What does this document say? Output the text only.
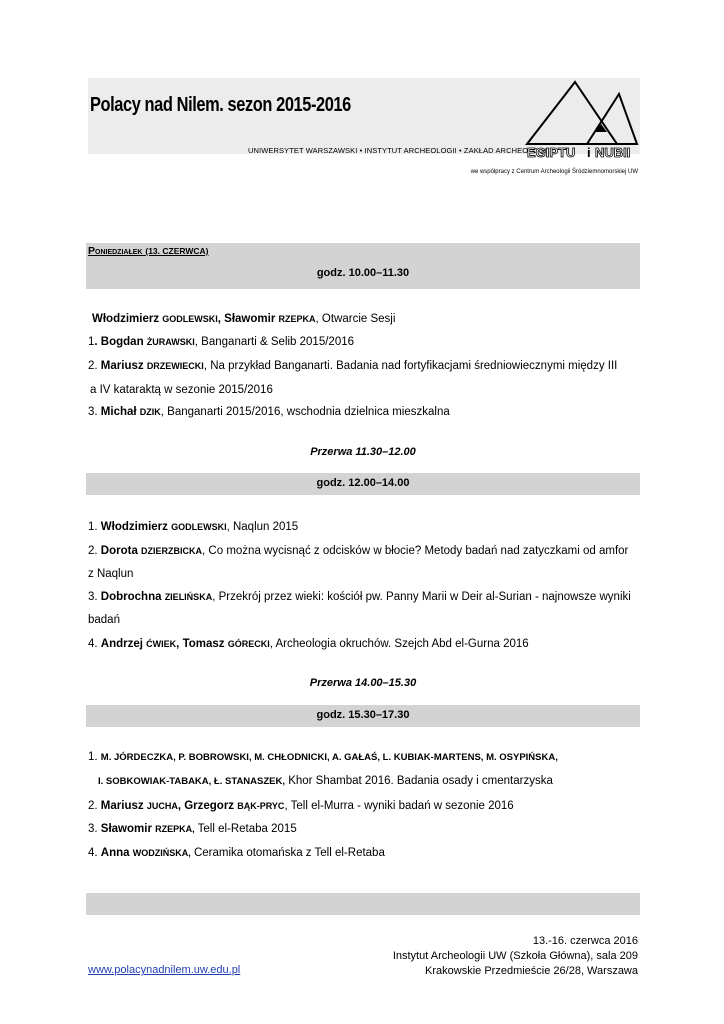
Polacy nad Nilem. sezon 2015-2016
UNIWERSYTET WARSZAWSKI • INSTYTUT ARCHEOLOGII • ZAKŁAD ARCHEOLOGII
EGIPTU i NUBII
we współpracy z Centrum Archeologii Śródziemnomorskiej UW
godz. 10.00–11.30
Poniedziałek (13. CZERWCA)
Włodzimierz GODLEWSKI, Sławomir RZEPKA, Otwarcie Sesji
1. Bogdan ŻURAWSKI, Banganarti & Selib 2015/2016
2. Mariusz DRZEWIECKI, Na przykład Banganarti. Badania nad fortyfikacjami średniowiecznymi między III
a IV kataraktą w sezonie 2015/2016
3. Michał DZIK, Banganarti 2015/2016, wschodnia dzielnica mieszkalna
Przerwa 11.30–12.00
godz. 12.00–14.00
1. Włodzimierz GODLEWSKI, Naqlun 2015
2. Dorota DZIERZBICKA, Co można wycisnąć z odcisków w błocie? Metody badań nad zatyczkami od amfor
z Naqlun
3. Dobrochna ZIELIŃSKA, Przekrój przez wieki: kościół pw. Panny Marii w Deir al-Surian - najnowsze wyniki
badań
4. Andrzej ĆWIEK, Tomasz GÓRECKI, Archeologia okruchów. Szejch Abd el-Gurna 2016
Przerwa 14.00–15.30
godz. 15.30–17.30
1. M. JÓRDECZKA, P. BOBROWSKI, M. CHŁODNICKI, A. GAŁAŚ, L. KUBIAK-MARTENS, M. OSYPIŃSKA,
I. SOBKOWIAK-TABAKA, Ł. STANASZEK, Khor Shambat 2016. Badania osady i cmentarzyska
2. Mariusz JUCHA, Grzegorz BĄK-PRYC, Tell el-Murra - wyniki badań w sezonie 2016
3. Sławomir RZEPKA, Tell el-Retaba 2015
4. Anna WODZIŃSKA, Ceramika otomańska z Tell el-Retaba
13.-16. czerwca 2016
Instytut Archeologii UW (Szkoła Główna), sala 209
Krakowskie Przedmieście 26/28, Warszawa
www.polacynadnilem.uw.edu.pl
